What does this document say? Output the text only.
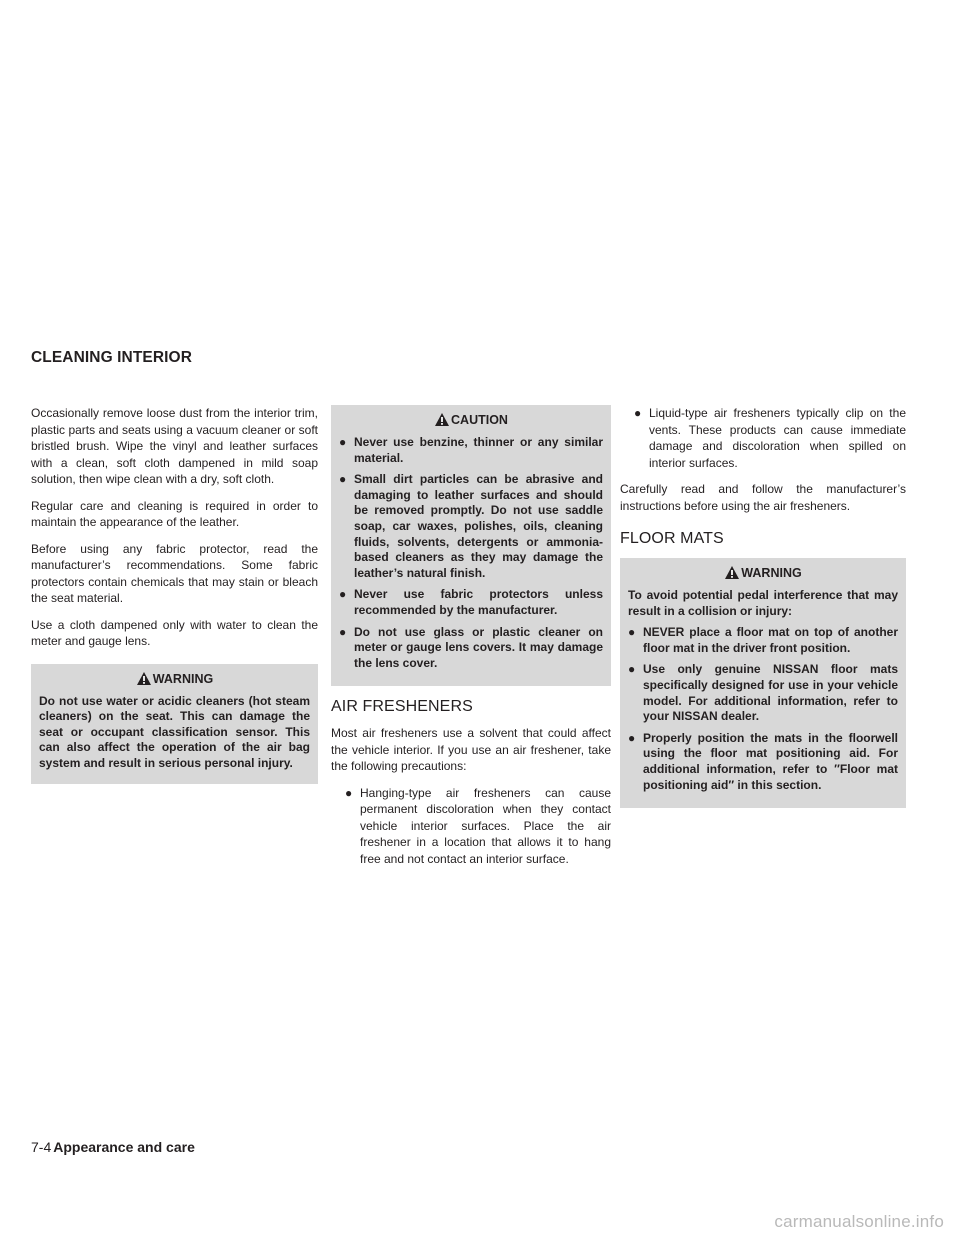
CLEANING INTERIOR

Occasionally remove loose dust from the interior trim, plastic parts and seats using a vacuum cleaner or soft bristled brush. Wipe the vinyl and leather surfaces with a clean, soft cloth dampened in mild soap solution, then wipe clean with a dry, soft cloth.

Regular care and cleaning is required in order to maintain the appearance of the leather.

Before using any fabric protector, read the manufacturer’s recommendations. Some fabric protectors contain chemicals that may stain or bleach the seat material.

Use a cloth dampened only with water to clean the meter and gauge lens.

WARNING

Do not use water or acidic cleaners (hot steam cleaners) on the seat. This can damage the seat or occupant classification sensor. This can also affect the operation of the air bag system and result in serious personal injury.

CAUTION
● Never use benzine, thinner or any similar material.
● Small dirt particles can be abrasive and damaging to leather surfaces and should be removed promptly. Do not use saddle soap, car waxes, polishes, oils, cleaning fluids, solvents, detergents or ammonia-based cleaners as they may damage the leather’s natural finish.
● Never use fabric protectors unless recommended by the manufacturer.
● Do not use glass or plastic cleaner on meter or gauge lens covers. It may damage the lens cover.
AIR FRESHENERS

Most air fresheners use a solvent that could affect the vehicle interior. If you use an air freshener, take the following precautions:

● Hanging-type air fresheners can cause permanent discoloration when they contact vehicle interior surfaces. Place the air freshener in a location that allows it to hang free and not contact an interior surface.
● Liquid-type air fresheners typically clip on the vents. These products can cause immediate damage and discoloration when spilled on interior surfaces.

Carefully read and follow the manufacturer’s instructions before using the air fresheners.

FLOOR MATS
WARNING

To avoid potential pedal interference that may result in a collision or injury:

● NEVER place a floor mat on top of another floor mat in the driver front position.
● Use only genuine NISSAN floor mats specifically designed for use in your vehicle model. For additional information, refer to your NISSAN dealer.
● Properly position the mats in the floorwell using the floor mat positioning aid. For additional information, refer to ″Floor mat positioning aid″ in this section.
7-4 Appearance and care
carmanualsonline.info
